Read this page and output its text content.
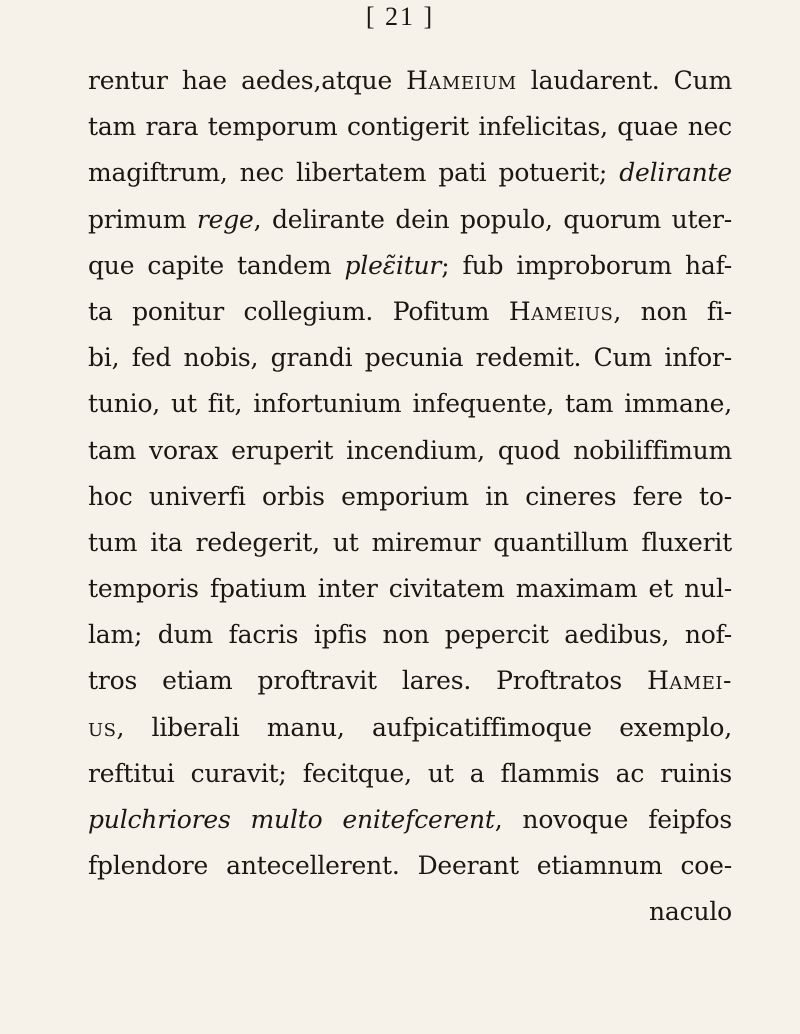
[ 21 ]
rentur hae aedes,atque Hameium laudarent. Cum
tam rara temporum contigerit infelicitas, quae nec
magiftrum, nec libertatem pati potuerit; delirante
primum rege, delirante dein populo, quorum uter-
que capite tandem pleε̃itur; fub improborum haf-
ta ponitur collegium. Pofitum Hameius, non fi-
bi, fed nobis, grandi pecunia redemit. Cum infor-
tunio, ut fit, infortunium infequente, tam immane,
tam vorax eruperit incendium, quod nobiliffimum
hoc univerfi orbis emporium in cineres fere to-
tum ita redegerit, ut miremur quantillum fluxerit
temporis fpatium inter civitatem maximam et nul-
lam; dum facris ipfis non pepercit aedibus, nof-
tros etiam proftravit lares. Proftratos Hamei-
us, liberali manu, aufpicatiffimoque exemplo,
reftitui curavit; fecitque, ut a flammis ac ruinis
pulchriores multo enitefcerent, novoque feipfos
fplendore antecellerent. Deerant etiamnum coe-
naculo
